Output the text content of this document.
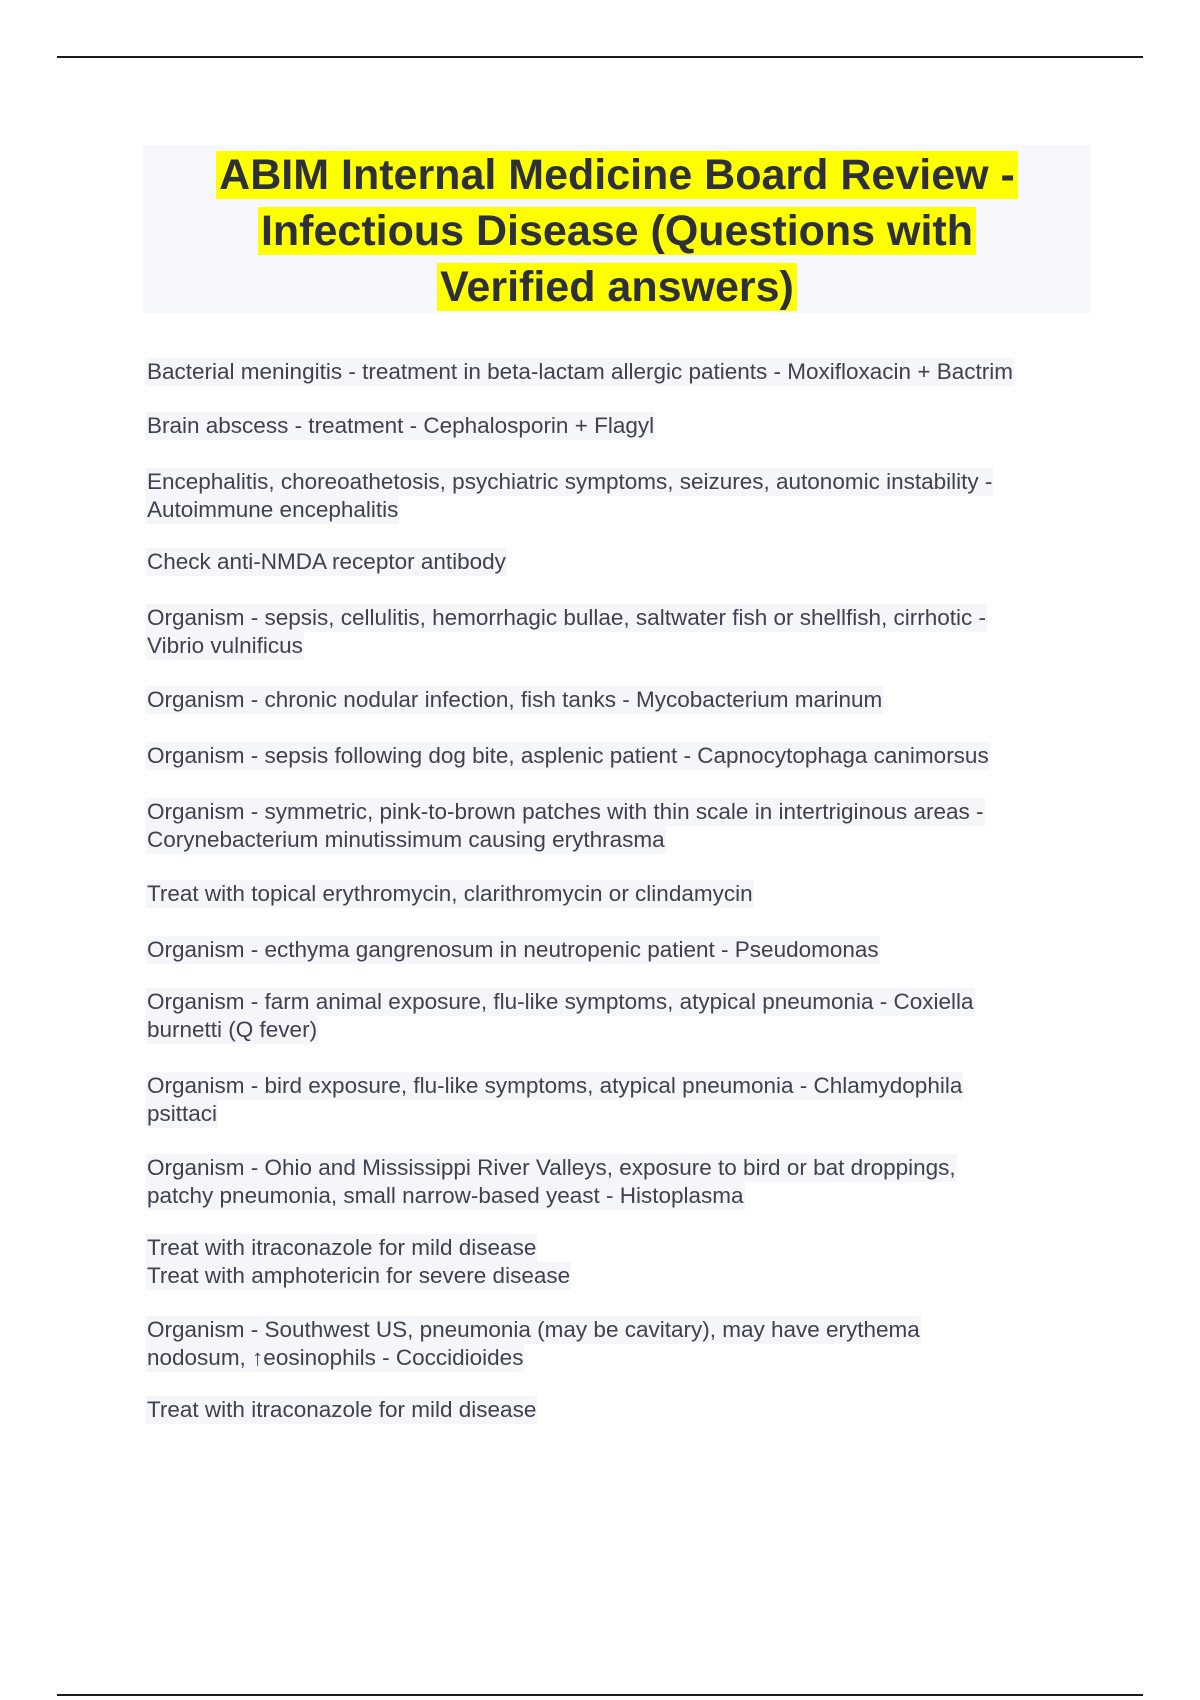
ABIM Internal Medicine Board Review -
Infectious Disease (Questions with
Verified answers)
Bacterial meningitis - treatment in beta-lactam allergic patients - Moxifloxacin + Bactrim
Brain abscess - treatment - Cephalosporin + Flagyl
Encephalitis, choreoathetosis, psychiatric symptoms, seizures, autonomic instability -
Autoimmune encephalitis
Check anti-NMDA receptor antibody
Organism - sepsis, cellulitis, hemorrhagic bullae, saltwater fish or shellfish, cirrhotic -
Vibrio vulnificus
Organism - chronic nodular infection, fish tanks - Mycobacterium marinum
Organism - sepsis following dog bite, asplenic patient - Capnocytophaga canimorsus
Organism - symmetric, pink-to-brown patches with thin scale in intertriginous areas -
Corynebacterium minutissimum causing erythrasma
Treat with topical erythromycin, clarithromycin or clindamycin
Organism - ecthyma gangrenosum in neutropenic patient - Pseudomonas
Organism - farm animal exposure, flu-like symptoms, atypical pneumonia - Coxiella
burnetti (Q fever)
Organism - bird exposure, flu-like symptoms, atypical pneumonia - Chlamydophila
psittaci
Organism - Ohio and Mississippi River Valleys, exposure to bird or bat droppings,
patchy pneumonia, small narrow-based yeast - Histoplasma
Treat with itraconazole for mild disease
Treat with amphotericin for severe disease
Organism - Southwest US, pneumonia (may be cavitary), may have erythema
nodosum, ↑eosinophils - Coccidioides
Treat with itraconazole for mild disease
